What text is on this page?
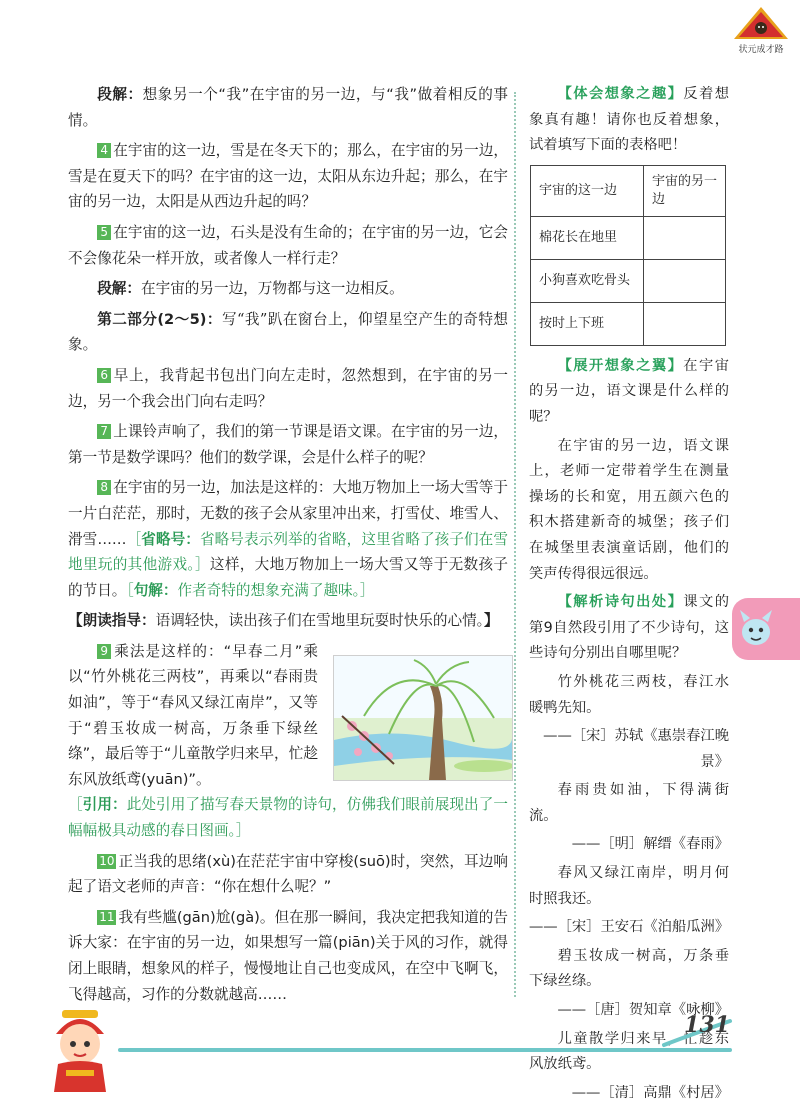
状元成才路

段解：想象另一个“我”在宇宙的另一边，与“我”做着相反的事情。

4 在宇宙的这一边，雪是在冬天下的；那么，在宇宙的另一边，雪是在夏天下的吗？在宇宙的这一边，太阳从东边升起；那么，在宇宙的另一边，太阳是从西边升起的吗？

5 在宇宙的这一边，石头是没有生命的；在宇宙的另一边，它会不会像花朵一样开放，或者像人一样行走？

段解：在宇宙的另一边，万物都与这一边相反。

第二部分(2～5)：写“我”趴在窗台上，仰望星空产生的奇特想象。

6 早上，我背起书包出门向左走时，忽然想到，在宇宙的另一边，另一个我会出门向右走吗？

7 上课铃声响了，我们的第一节课是语文课。在宇宙的另一边，第一节是数学课吗？他们的数学课，会是什么样子的呢？

8 在宇宙的另一边，加法是这样的：大地万物加上一场大雪等于一片白茫茫，那时，无数的孩子会从家里冲出来，打雪仗、堆雪人、滑雪……［省略号：省略号表示列举的省略，这里省略了孩子们在雪地里玩的其他游戏。］这样，大地万物加上一场大雪又等于无数孩子的节日。［句解：作者奇特的想象充满了趣味。］

【朗读指导：语调轻快，读出孩子们在雪地里玩耍时快乐的心情。】

9 乘法是这样的：“早春二月”乘以“竹外桃花三两枝”，再乘以“春雨贵如油”，等于“春风又绿江南岸”，又等于“碧玉妆成一树高，万条垂下绿丝绦”，最后等于“儿童散学归来早，忙趁东风放纸鸢(yuān)”。

［引用：此处引用了描写春天景物的诗句，仿佛我们眼前展现出了一幅幅极具动感的春日图画。］

10 正当我的思绪(xù)在茫茫宇宙中穿梭(suō)时，突然，耳边响起了语文老师的声音：“你在想什么呢？”

11 我有些尴(gān)尬(gà)。但在那一瞬间，我决定把我知道的告诉大家：在宇宙的另一边，如果想写一篇(piān)关于风的习作，就得闭上眼睛，想象风的样子，慢慢地让自己也变成风，在空中飞啊飞，飞得越高，习作的分数就越高……

【体会想象之趣】反着想象真有趣！请你也反着想象，试着填写下面的表格吧！

宇宙的这一边	宇宙的另一边
棉花长在地里	
小狗喜欢吃骨头	
按时上下班	

【展开想象之翼】在宇宙的另一边，语文课是什么样的呢？

在宇宙的另一边，语文课上，老师一定带着学生在测量操场的长和宽，用五颜六色的积木搭建新奇的城堡；孩子们在城堡里表演童话剧，他们的笑声传得很远很远。

【解析诗句出处】课文的第9自然段引用了不少诗句，这些诗句分别出自哪里呢？

竹外桃花三两枝，春江水暖鸭先知。

——［宋］苏轼《惠崇春江晚景》

春雨贵如油，下得满街流。

——［明］解缙《春雨》

春风又绿江南岸，明月何时照我还。

——［宋］王安石《泊船瓜洲》

碧玉妆成一树高，万条垂下绿丝绦。

——［唐］贺知章《咏柳》

儿童散学归来早，忙趁东风放纸鸢。

——［清］高鼎《村居》

131
